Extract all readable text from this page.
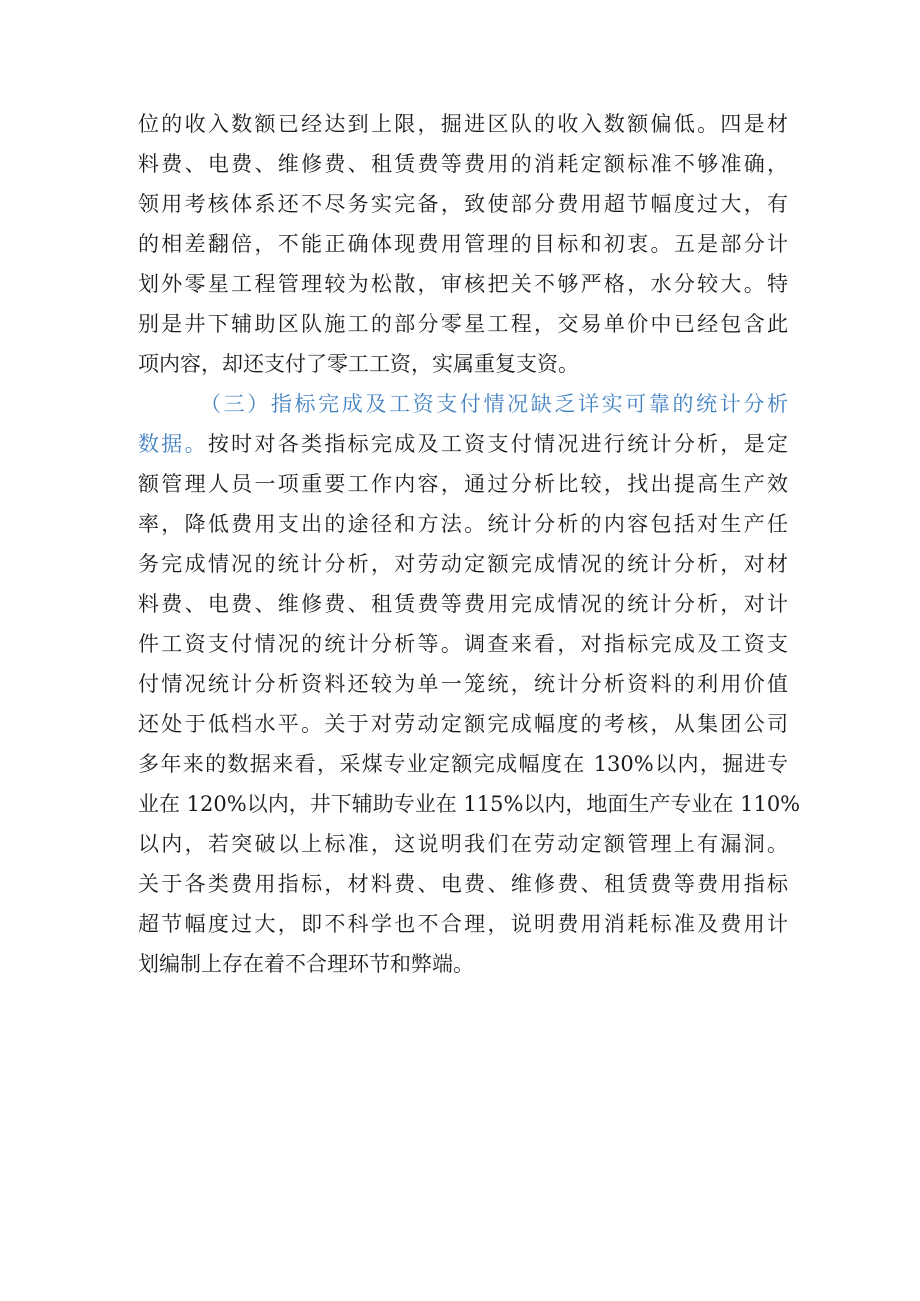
位的收入数额已经达到上限，掘进区队的收入数额偏低。四是材
料费、电费、维修费、租赁费等费用的消耗定额标准不够准确，
领用考核体系还不尽务实完备，致使部分费用超节幅度过大，有
的相差翻倍，不能正确体现费用管理的目标和初衷。五是部分计
划外零星工程管理较为松散，审核把关不够严格，水分较大。特
别是井下辅助区队施工的部分零星工程，交易单价中已经包含此
项内容，却还支付了零工工资，实属重复支资。
（三）指标完成及工资支付情况缺乏详实可靠的统计分析
数据。按时对各类指标完成及工资支付情况进行统计分析，是定
额管理人员一项重要工作内容，通过分析比较，找出提高生产效
率，降低费用支出的途径和方法。统计分析的内容包括对生产任
务完成情况的统计分析，对劳动定额完成情况的统计分析，对材
料费、电费、维修费、租赁费等费用完成情况的统计分析，对计
件工资支付情况的统计分析等。调查来看，对指标完成及工资支
付情况统计分析资料还较为单一笼统，统计分析资料的利用价值
还处于低档水平。关于对劳动定额完成幅度的考核，从集团公司
多年来的数据来看，采煤专业定额完成幅度在 130%以内，掘进专
业在 120%以内，井下辅助专业在 115%以内，地面生产专业在 110%
以内，若突破以上标准，这说明我们在劳动定额管理上有漏洞。
关于各类费用指标，材料费、电费、维修费、租赁费等费用指标
超节幅度过大，即不科学也不合理，说明费用消耗标准及费用计
划编制上存在着不合理环节和弊端。
